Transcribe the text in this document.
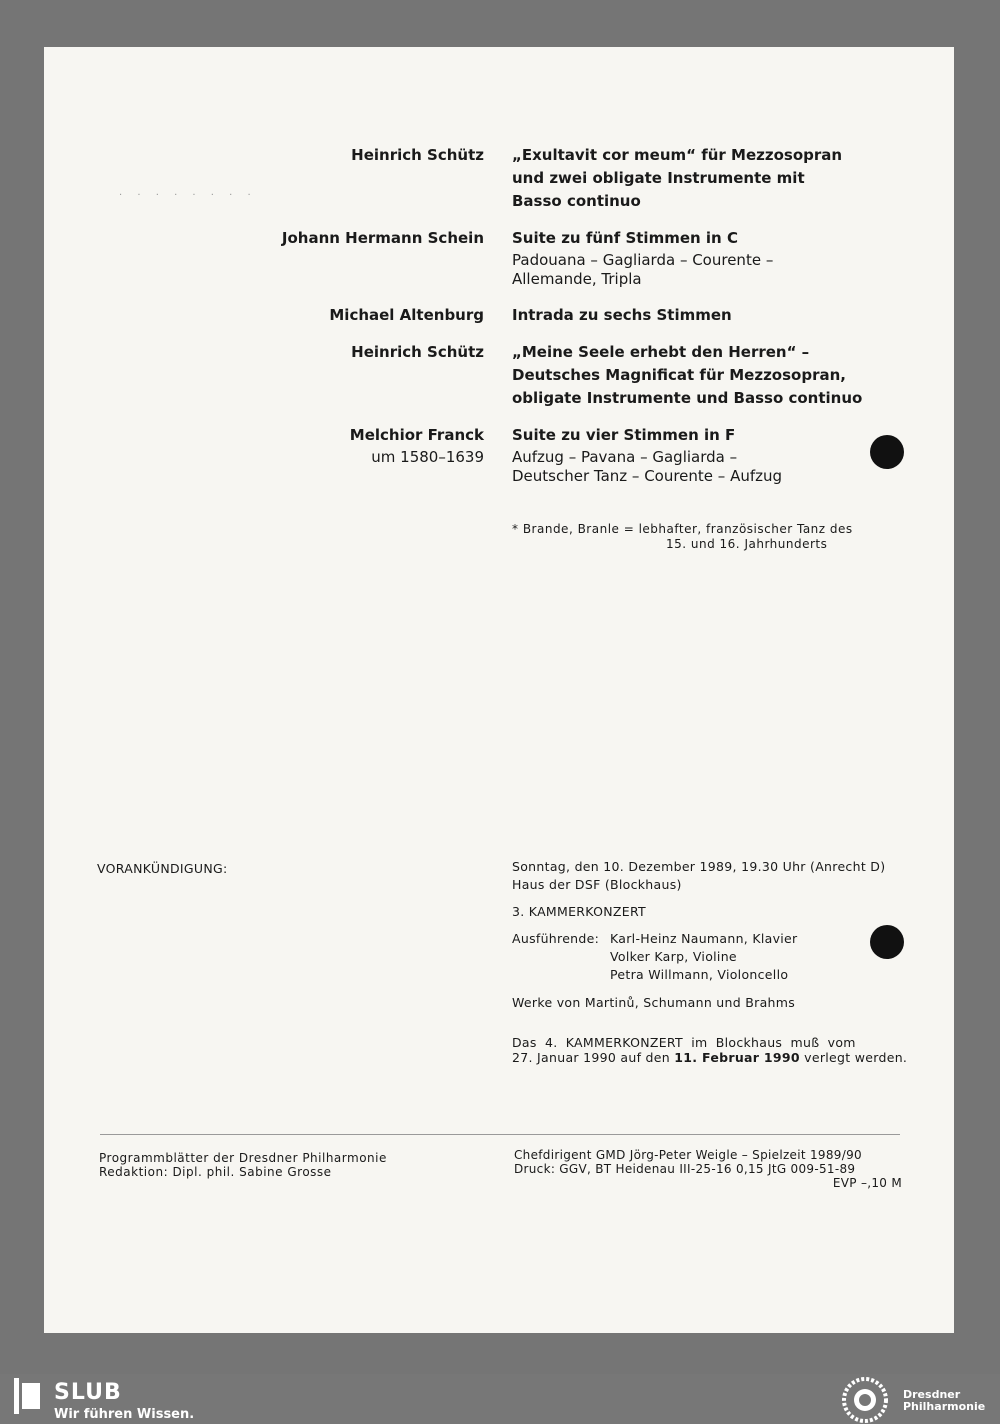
. . . . . . . .
Heinrich Schütz „Exultavit cor meum“ für Mezzosopran
und zwei obligate Instrumente mit
Basso continuo
Johann Hermann Schein Suite zu fünf Stimmen in C
Padouana – Gagliarda – Courente –
Allemande, Tripla
Michael Altenburg Intrada zu sechs Stimmen
Heinrich Schütz „Meine Seele erhebt den Herren“ –
Deutsches Magnificat für Mezzosopran,
obligate Instrumente und Basso continuo
Melchior Franck
um 1580–1639
Suite zu vier Stimmen in F
Aufzug – Pavana – Gagliarda –
Deutscher Tanz – Courente – Aufzug
* Brande, Branle = lebhafter, französischer Tanz des
15. und 16. Jahrhunderts
VORANKÜNDIGUNG:	Sonntag, den 10. Dezember 1989, 19.30 Uhr (Anrecht D)
Haus der DSF (Blockhaus)
3. KAMMERKONZERT
Ausführende: Karl-Heinz Naumann, Klavier
Volker Karp, Violine
Petra Willmann, Violoncello
Werke von Martinů, Schumann und Brahms
Das 4. KAMMERKONZERT im Blockhaus muß vom
27. Januar 1990 auf den 11. Februar 1990 verlegt werden.
Programmblätter der Dresdner Philharmonie
Redaktion: Dipl. phil. Sabine Grosse
Chefdirigent GMD Jörg-Peter Weigle – Spielzeit 1989/90
Druck: GGV, BT Heidenau III-25-16 0,15 JtG 009-51-89
EVP –,10 M
SLUB
Wir führen Wissen.
Dresdner
Philharmonie
